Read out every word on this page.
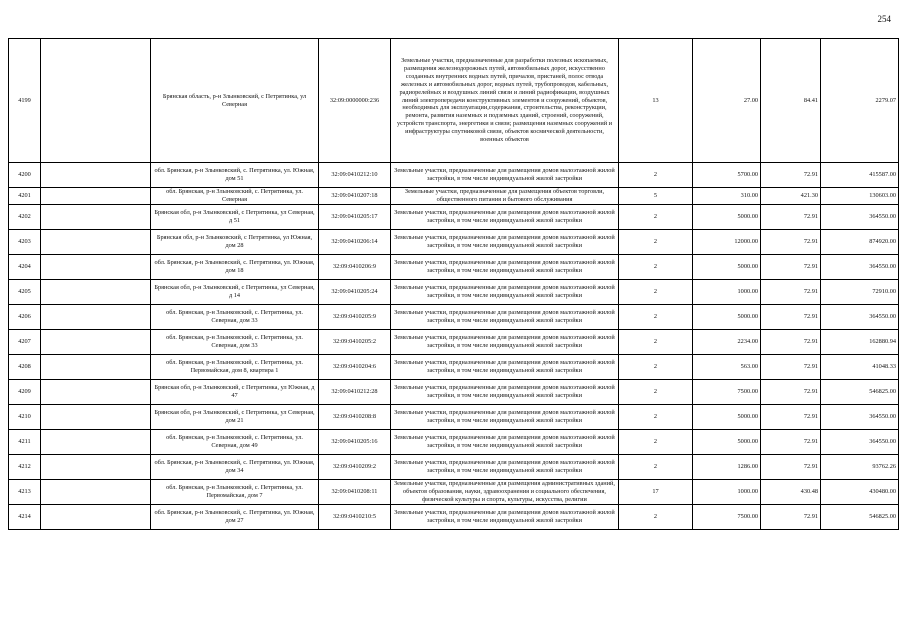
254
4199		Брянская область, р-н Злынковский, с Петрятинка, ул Северная	32:09:0000000:236	Земельные участки, предназначенные для разработки полезных ископаемых, размещения железнодорожных путей, автомобильных дорог, искусственно созданных внутренних водных путей, причалов, пристаней, полос отвода железных и автомобильных дорог, водных путей, трубопроводов, кабельных, радиорелейных и воздушных линий связи и линий радиофикации, воздушных линий электропередачи конструктивных элементов и сооружений, объектов, необходимых для эксплуатации,содержания, строительства, реконструкции, ремонта, развития наземных и подземных зданий, строений, сооружений, устройств транспорта, энергетики и связи; размещения наземных сооружений и инфраструктуры спутниковой связи, объектов космической деятельности, военных объектов	13	27.00	84.41	2279.07
4200		обл. Брянская, р-н Злынковский, с. Петрятинка, ул. Южная, дом 51	32:09:0410212:10	Земельные участки, предназначенные для размещения домов малоэтажной жилой застройки, в том числе индивидуальной жилой застройки	2	5700.00	72.91	415587.00
4201		обл. Брянская, р-н Злынковский, с. Петрятинка, ул. Северная	32:09:0410207:18	Земельные участки, предназначенные для размещения объектов торговли, общественного питания и бытового обслуживания	5	310.00	421.30	130603.00
4202		Брянская обл, р-н Злынковский, с Петрятинка, ул Северная, д 51	32:09:0410205:17	Земельные участки, предназначенные для размещения домов малоэтажной жилой застройки, в том числе индивидуальной жилой застройки	2	5000.00	72.91	364550.00
4203		Брянская обл, р-н Злынковский, с Петрятинка, ул Южная, дом 28	32:09:0410206:14	Земельные участки, предназначенные для размещения домов малоэтажной жилой застройки, в том числе индивидуальной жилой застройки	2	12000.00	72.91	874920.00
4204		обл. Брянская, р-н Злынковский, с. Петрятинка, ул. Южная, дом 18	32:09:0410206:9	Земельные участки, предназначенные для размещения домов малоэтажной жилой застройки, в том числе индивидуальной жилой застройки	2	5000.00	72.91	364550.00
4205		Брянская обл, р-н Злынковский, с Петрятинка, ул Северная, д 14	32:09:0410205:24	Земельные участки, предназначенные для размещения домов малоэтажной жилой застройки, в том числе индивидуальной жилой застройки	2	1000.00	72.91	72910.00
4206		обл. Брянская, р-н Злынковский, с. Петрятинка, ул. Северная, дом 33	32:09:0410205:9	Земельные участки, предназначенные для размещения домов малоэтажной жилой застройки, в том числе индивидуальной жилой застройки	2	5000.00	72.91	364550.00
4207		обл. Брянская, р-н Злынковский, с. Петрятинка, ул. Северная, дом 33	32:09:0410205:2	Земельные участки, предназначенные для размещения домов малоэтажной жилой застройки, в том числе индивидуальной жилой застройки	2	2234.00	72.91	162880.94
4208		обл. Брянская, р-н Злынковский, с. Петрятинка, ул. Первомайская, дом 8, квартира 1	32:09:0410204:6	Земельные участки, предназначенные для размещения домов малоэтажной жилой застройки, в том числе индивидуальной жилой застройки	2	563.00	72.91	41048.33
4209		Брянская обл, р-н Злынковский, с Петрятинка, ул Южная, д 47	32:09:0410212:28	Земельные участки, предназначенные для размещения домов малоэтажной жилой застройки, в том числе индивидуальной жилой застройки	2	7500.00	72.91	546825.00
4210		Брянская обл, р-н Злынковский, с Петрятинка, ул Северная, дом 21	32:09:0410208:8	Земельные участки, предназначенные для размещения домов малоэтажной жилой застройки, в том числе индивидуальной жилой застройки	2	5000.00	72.91	364550.00
4211		обл. Брянская, р-н Злынковский, с. Петрятинка, ул. Северная, дом 49	32:09:0410205:16	Земельные участки, предназначенные для размещения домов малоэтажной жилой застройки, в том числе индивидуальной жилой застройки	2	5000.00	72.91	364550.00
4212		обл. Брянская, р-н Злынковский, с. Петрятинка, ул. Южная, дом 34	32:09:0410209:2	Земельные участки, предназначенные для размещения домов малоэтажной жилой застройки, в том числе индивидуальной жилой застройки	2	1286.00	72.91	93762.26
4213		обл. Брянская, р-н Злынковский, с. Петрятинка, ул. Первомайская, дом 7	32:09:0410208:11	Земельные участки, предназначенные для размещения административных зданий, объектов образования, науки, здравоохранения и социального обеспечения, физической культуры и спорта, культуры, искусства, религии	17	1000.00	430.48	430480.00
4214		обл. Брянская, р-н Злынковский, с. Петрятинка, ул. Южная, дом 27	32:09:0410210:5	Земельные участки, предназначенные для размещения домов малоэтажной жилой застройки, в том числе индивидуальной жилой застройки	2	7500.00	72.91	546825.00
